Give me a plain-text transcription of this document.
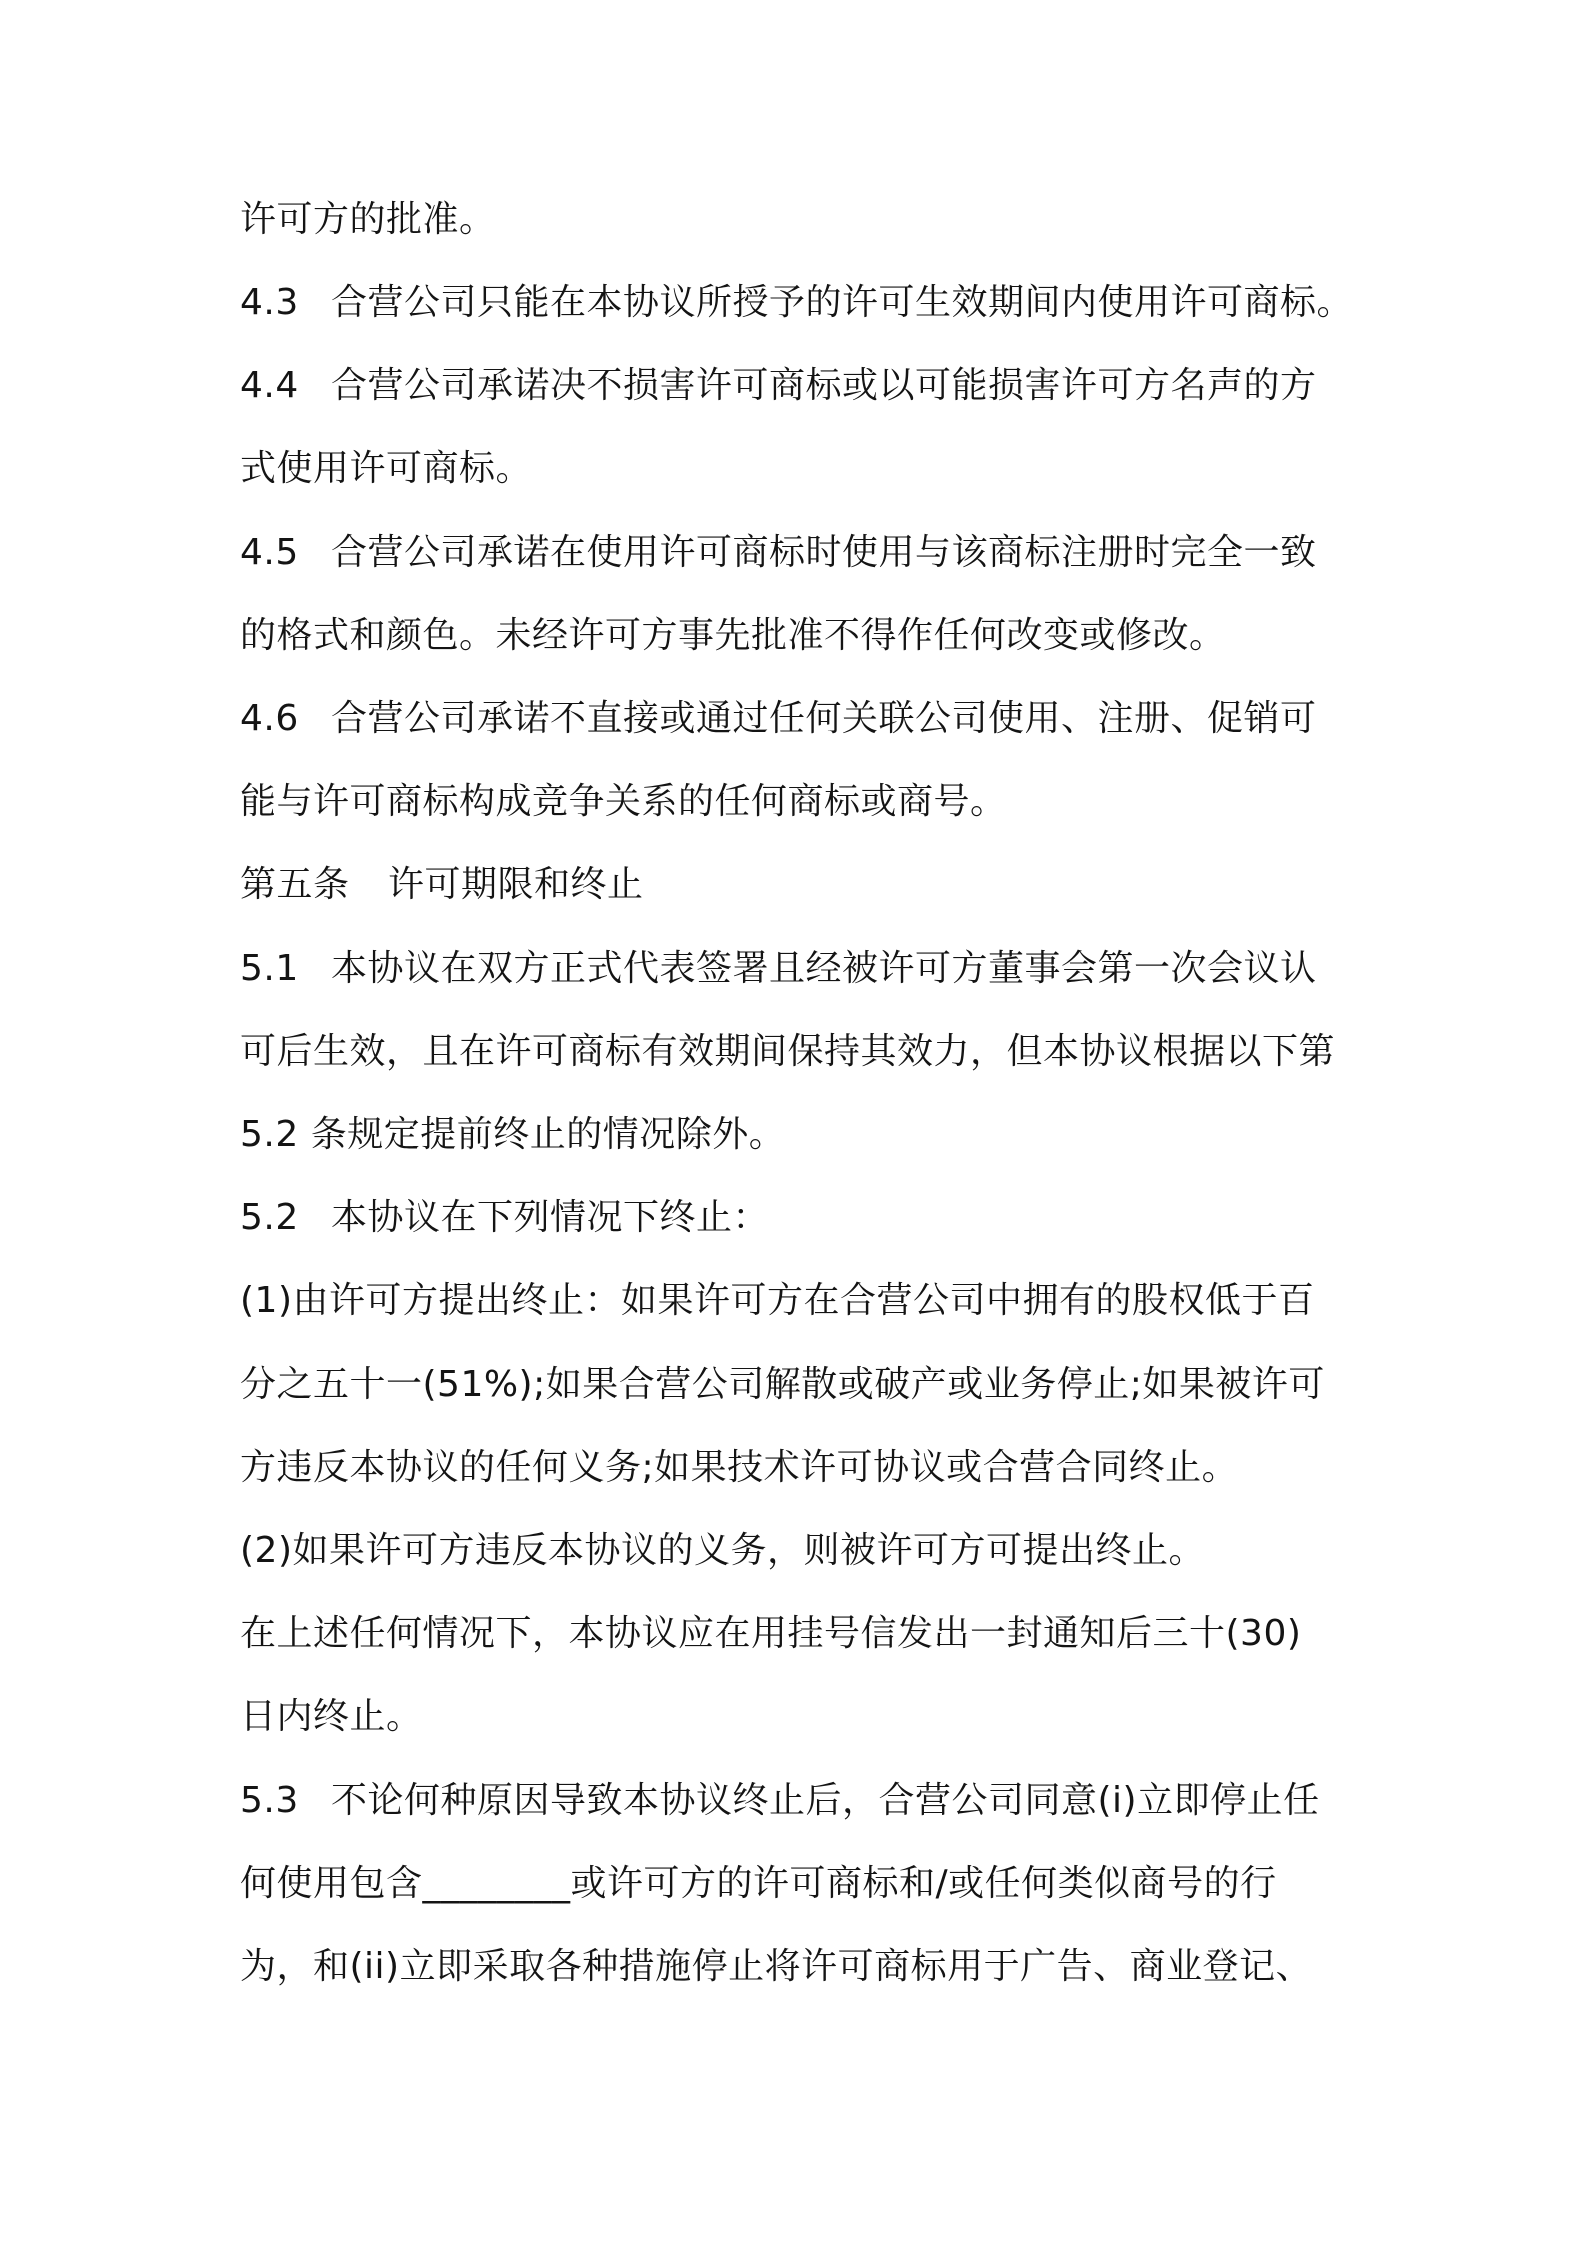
许可方的批准。

4.3 合营公司只能在本协议所授予的许可生效期间内使用许可商标。

4.4 合营公司承诺决不损害许可商标或以可能损害许可方名声的方

式使用许可商标。

4.5 合营公司承诺在使用许可商标时使用与该商标注册时完全一致

的格式和颜色。未经许可方事先批准不得作任何改变或修改。

4.6 合营公司承诺不直接或通过任何关联公司使用、注册、促销可

能与许可商标构成竞争关系的任何商标或商号。

第五条 许可期限和终止

5.1 本协议在双方正式代表签署且经被许可方董事会第一次会议认

可后生效，且在许可商标有效期间保持其效力，但本协议根据以下第

5.2 条规定提前终止的情况除外。

5.2 本协议在下列情况下终止：

(1)由许可方提出终止：如果许可方在合营公司中拥有的股权低于百

分之五十一(51%);如果合营公司解散或破产或业务停止;如果被许可

方违反本协议的任何义务;如果技术许可协议或合营合同终止。

(2)如果许可方违反本协议的义务，则被许可方可提出终止。

在上述任何情况下，本协议应在用挂号信发出一封通知后三十(30)

日内终止。

5.3 不论何种原因导致本协议终止后，合营公司同意(i)立即停止任

何使用包含________或许可方的许可商标和/或任何类似商号的行

为，和(ii)立即采取各种措施停止将许可商标用于广告、商业登记、
